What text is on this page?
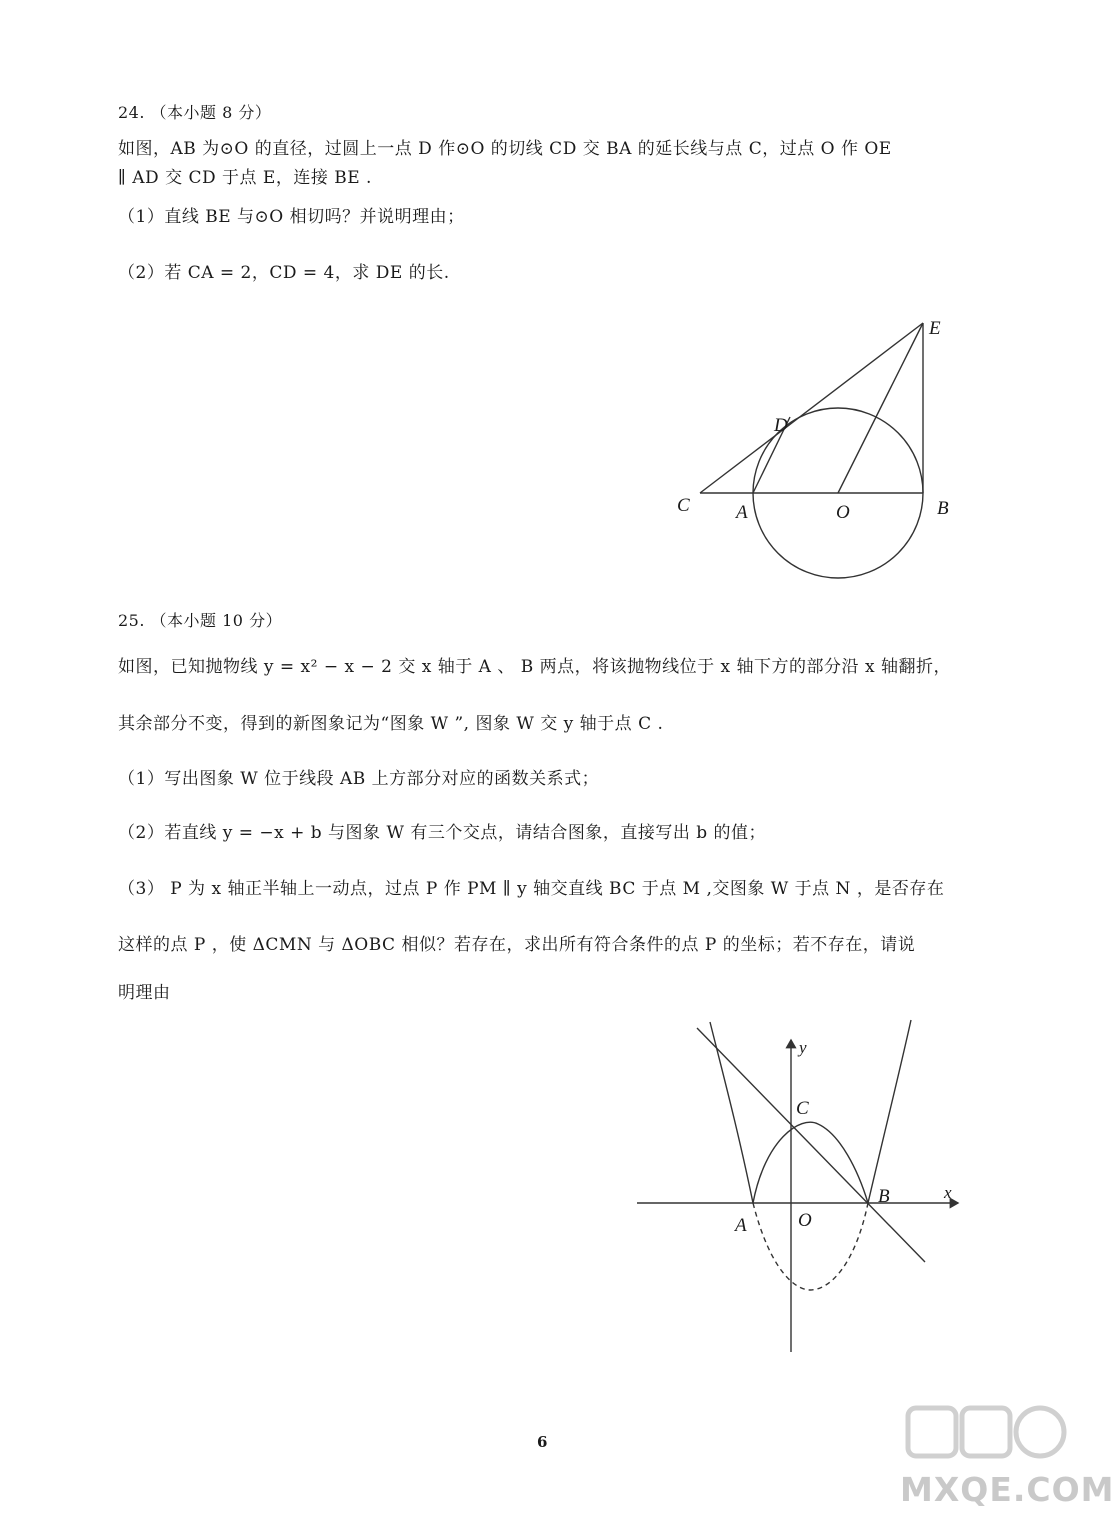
24. （本小题 8 分）
如图，AB 为⊙O 的直径，过圆上一点 D 作⊙O 的切线 CD 交 BA 的延长线与点 C，过点 O 作 OE
∥ AD 交 CD 于点 E，连接 BE .
（1）直线 BE 与⊙O 相切吗？并说明理由；
（2）若 CA = 2，CD = 4，求 DE 的长.
E
D
C A	O	B
25. （本小题 10 分）
如图，已知抛物线 y = x² − x − 2 交 x 轴于 A 、 B 两点，将该抛物线位于 x 轴下方的部分沿 x 轴翻折，
其余部分不变，得到的新图象记为“图象 W ”, 图象 W 交 y 轴于点 C .
（1）写出图象 W 位于线段 AB 上方部分对应的函数关系式；
（2）若直线 y = −x + b 与图象 W 有三个交点，请结合图象，直接写出 b 的值；
（3） P 为 x 轴正半轴上一动点，过点 P 作 PM ∥ y 轴交直线 BC 于点 M ,交图象 W 于点 N ，是否存在
这样的点 P ，使 ΔCMN 与 ΔOBC 相似？若存在，求出所有符合条件的点 P 的坐标；若不存在，请说
明理由
y
x
C
A	O
B
6
MXQE.COM
